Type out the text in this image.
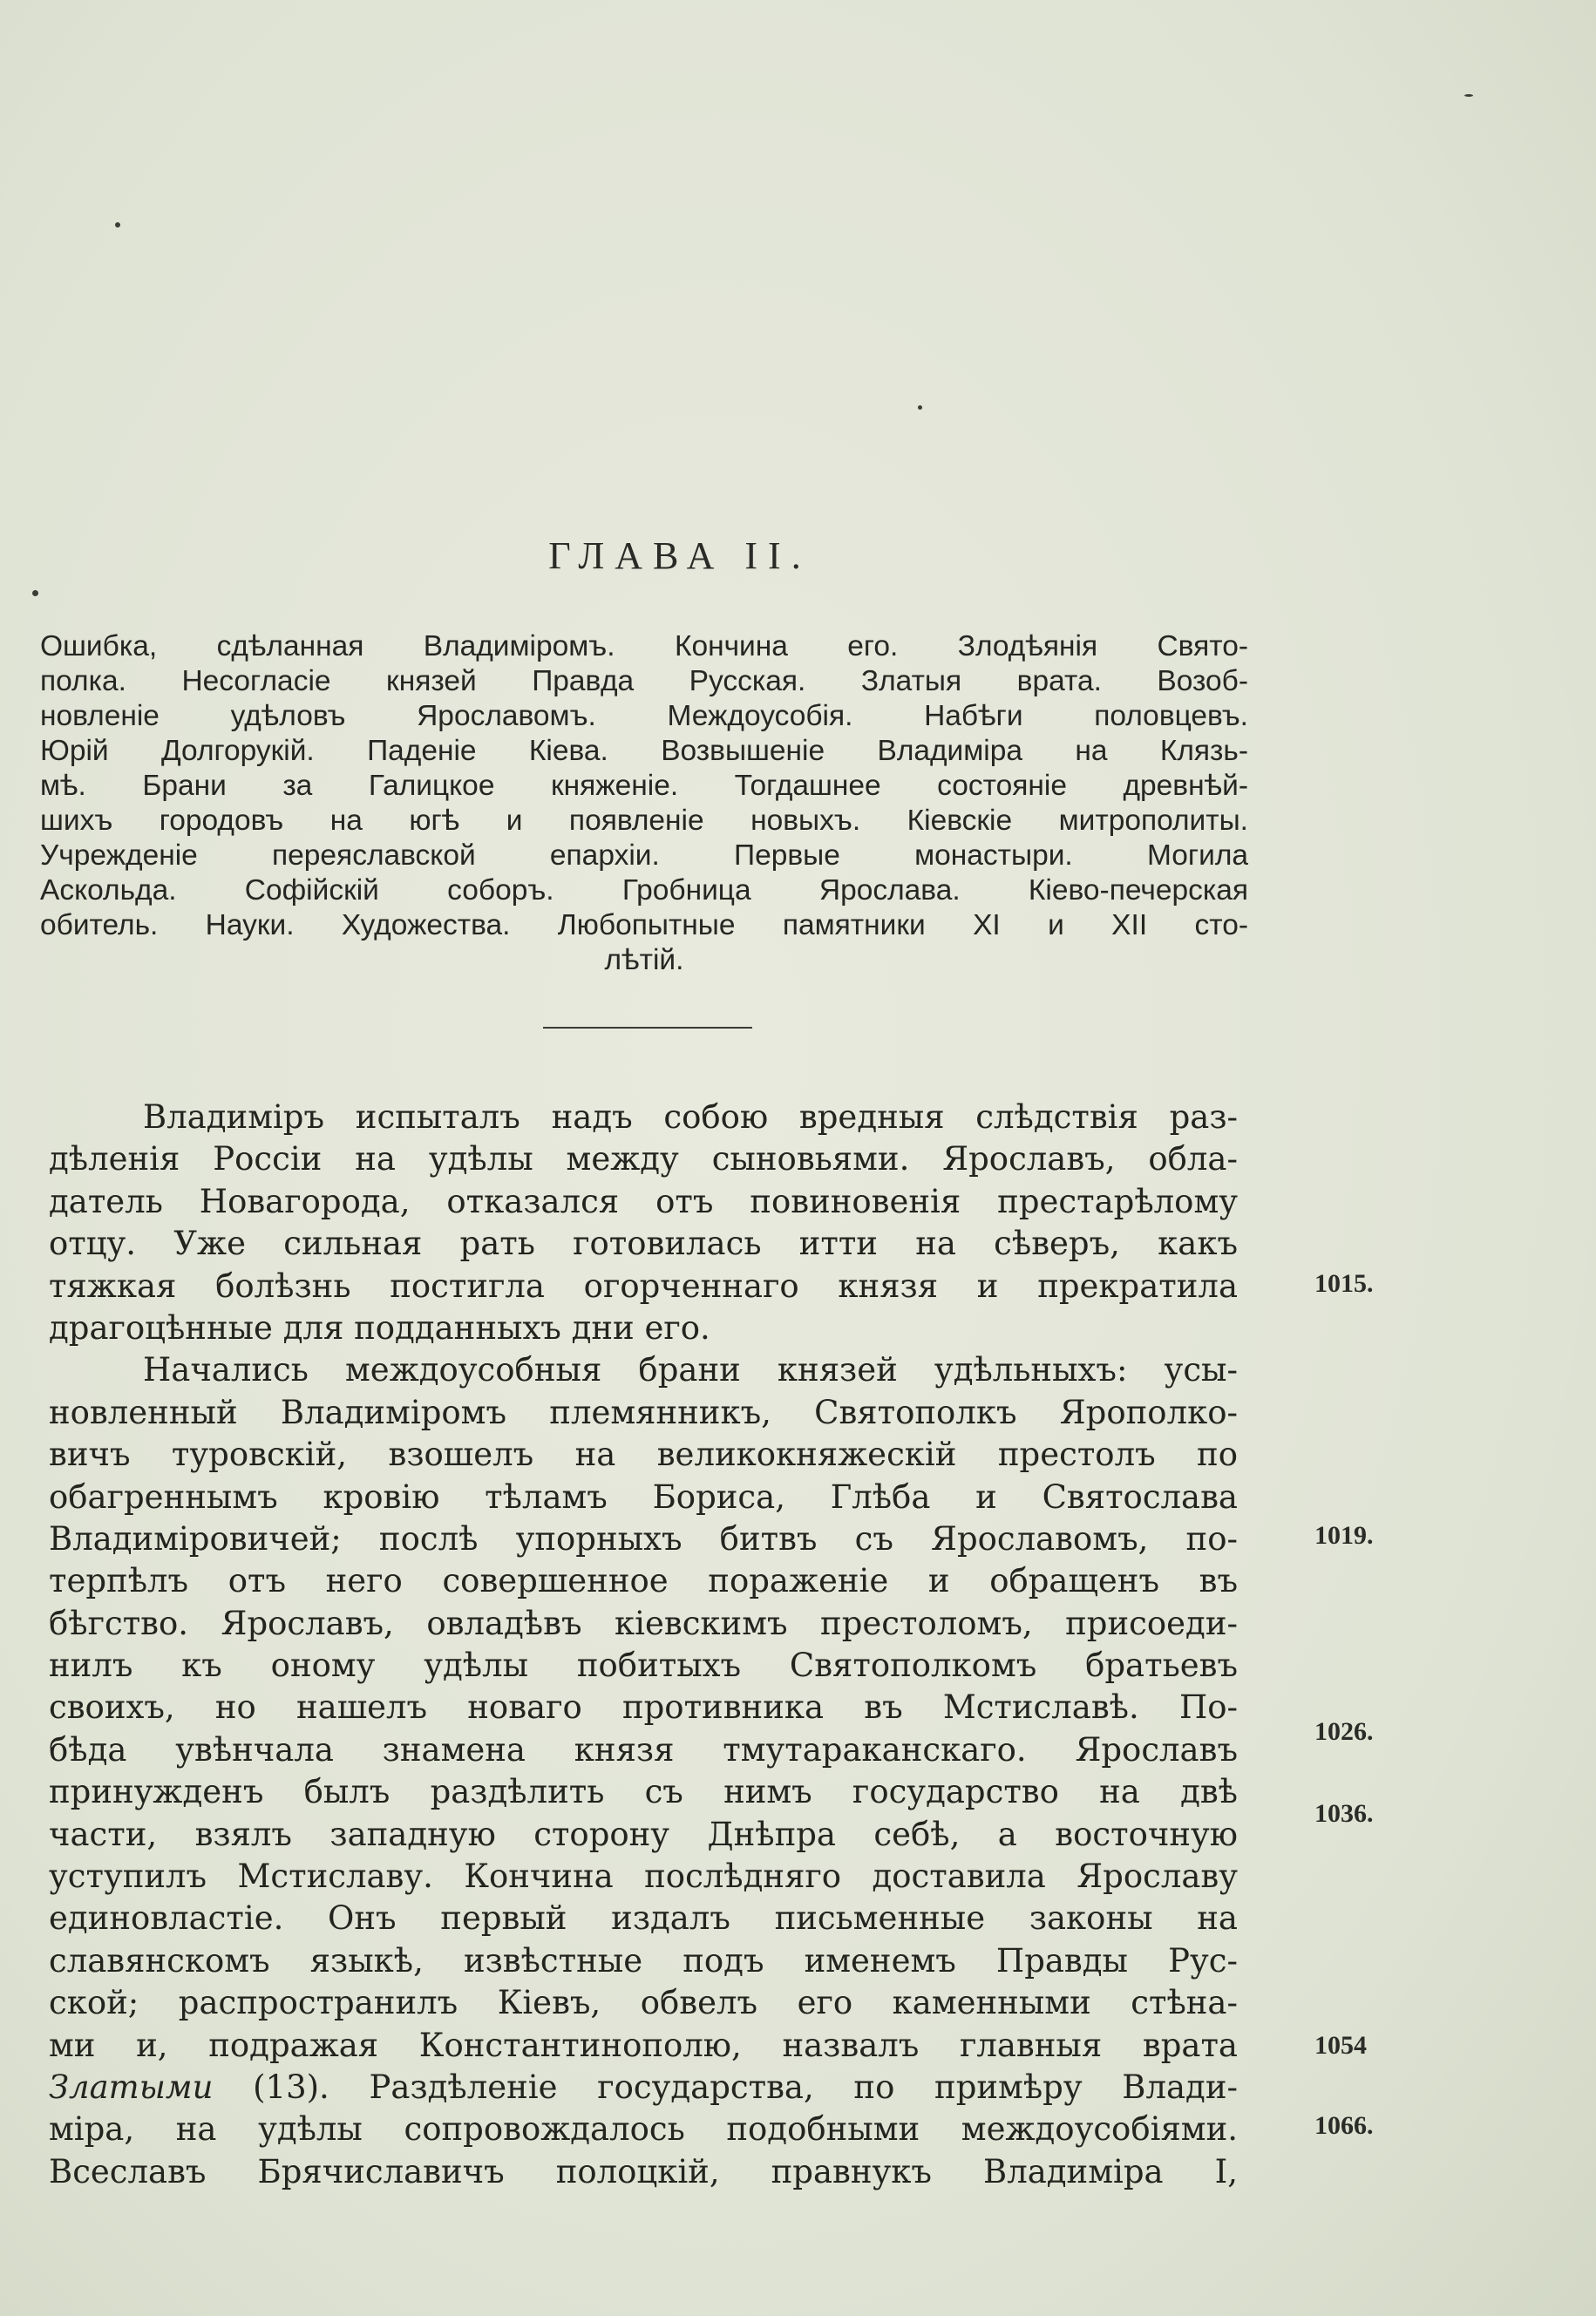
ГЛАВА II.
Ошибка, сдѣланная Владиміромъ. Кончина его. Злодѣянія Свято-
полка. Несогласіе князей Правда Русская. Златыя врата. Возоб-
новленіе удѣловъ Ярославомъ. Междоусобія. Набѣги половцевъ.
Юрій Долгорукій. Паденіе Кіева. Возвышеніе Владиміра на Клязь-
мѣ. Брани за Галицкое княженіе. Тогдашнее состояніе древнѣй-
шихъ городовъ на югѣ и появленіе новыхъ. Кіевскіе митрополиты.
Учрежденіе переяславской епархіи. Первые монастыри. Могила
Аскольда. Софійскій соборъ. Гробница Ярослава. Кіево-печерская
обитель. Науки. Художества. Любопытные памятники XI и XII сто-
лѣтій.
Владиміръ испыталъ надъ собою вредныя слѣдствія раз-
дѣленія Россіи на удѣлы между сыновьями. Ярославъ, обла-
датель Новагорода, отказался отъ повиновенія престарѣлому
отцу. Уже сильная рать готовилась итти на сѣверъ, какъ
тяжкая болѣзнь постигла огорченнаго князя и прекратила
драгоцѣнные для подданныхъ дни его.
Начались междоусобныя брани князей удѣльныхъ: усы-
новленный Владиміромъ племянникъ, Святополкъ Ярополко-
вичъ туровскій, взошелъ на великокняжескій престолъ по
обагреннымъ кровію тѣламъ Бориса, Глѣба и Святослава
Владиміровичей; послѣ упорныхъ битвъ съ Ярославомъ, по-
терпѣлъ отъ него совершенное пораженіе и обращенъ въ
бѣгство. Ярославъ, овладѣвъ кіевскимъ престоломъ, присоеди-
нилъ къ оному удѣлы побитыхъ Святополкомъ братьевъ
своихъ, но нашелъ новаго противника въ Мстиславѣ. По-
бѣда увѣнчала знамена князя тмутараканскаго. Ярославъ
принужденъ былъ раздѣлить съ нимъ государство на двѣ
части, взялъ западную сторону Днѣпра себѣ, а восточную
уступилъ Мстиславу. Кончина послѣдняго доставила Ярославу
единовластіе. Онъ первый издалъ письменные законы на
славянскомъ языкѣ, извѣстные подъ именемъ Правды Рус-
ской; распространилъ Кіевъ, обвелъ его каменными стѣна-
ми и, подражая Константинополю, назвалъ главныя врата
Златыми (13). Раздѣленіе государства, по примѣру Влади-
міра, на удѣлы сопровождалось подобными междоусобіями.
Всеславъ Брячиславичъ полоцкій, правнукъ Владиміра I,
1015.
1019.
1026.
1036.
1054
1066.
